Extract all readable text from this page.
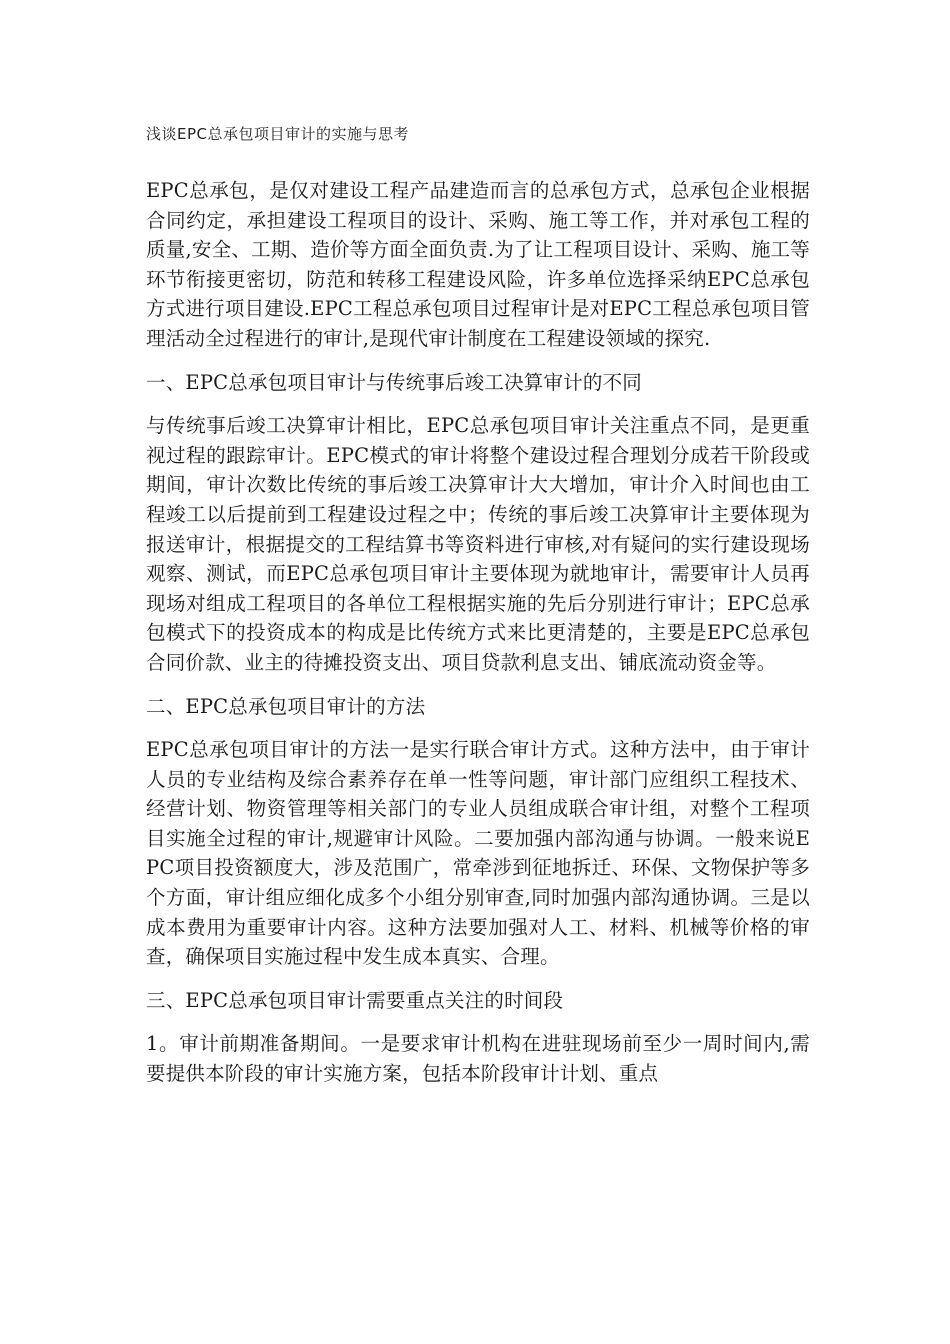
浅谈EPC总承包项目审计的实施与思考

EPC总承包，是仅对建设工程产品建造而言的总承包方式，总承包企业根据合同约定，承担建设工程项目的设计、采购、施工等工作，并对承包工程的质量,安全、工期、造价等方面全面负责.为了让工程项目设计、采购、施工等环节衔接更密切，防范和转移工程建设风险，许多单位选择采纳EPC总承包方式进行项目建设.EPC工程总承包项目过程审计是对EPC工程总承包项目管理活动全过程进行的审计,是现代审计制度在工程建设领域的探究.

一、EPC总承包项目审计与传统事后竣工决算审计的不同

与传统事后竣工决算审计相比，EPC总承包项目审计关注重点不同，是更重视过程的跟踪审计。EPC模式的审计将整个建设过程合理划分成若干阶段或期间，审计次数比传统的事后竣工决算审计大大增加，审计介入时间也由工程竣工以后提前到工程建设过程之中；传统的事后竣工决算审计主要体现为报送审计，根据提交的工程结算书等资料进行审核,对有疑问的实行建设现场观察、测试，而EPC总承包项目审计主要体现为就地审计，需要审计人员再现场对组成工程项目的各单位工程根据实施的先后分别进行审计；EPC总承包模式下的投资成本的构成是比传统方式来比更清楚的，主要是EPC总承包合同价款、业主的待摊投资支出、项目贷款利息支出、铺底流动资金等。

二、EPC总承包项目审计的方法

EPC总承包项目审计的方法一是实行联合审计方式。这种方法中，由于审计人员的专业结构及综合素养存在单一性等问题，审计部门应组织工程技术、经营计划、物资管理等相关部门的专业人员组成联合审计组，对整个工程项目实施全过程的审计,规避审计风险。二要加强内部沟通与协调。一般来说EPC项目投资额度大，涉及范围广，常牵涉到征地拆迁、环保、文物保护等多个方面，审计组应细化成多个小组分别审查,同时加强内部沟通协调。三是以成本费用为重要审计内容。这种方法要加强对人工、材料、机械等价格的审查，确保项目实施过程中发生成本真实、合理。

三、EPC总承包项目审计需要重点关注的时间段

1。审计前期准备期间。一是要求审计机构在进驻现场前至少一周时间内,需要提供本阶段的审计实施方案，包括本阶段审计计划、重点
